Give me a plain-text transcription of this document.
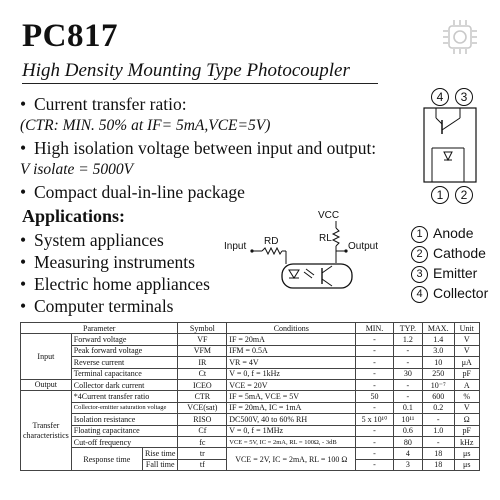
PC817
High Density Mounting Type Photocoupler
• Current transfer ratio:
(CTR: MIN. 50% at IF= 5mA,VCE=5V)
• High isolation voltage between input and output:
V isolate = 5000V
• Compact dual-in-line package
Applications:
• System appliances
• Measuring instruments
• Electric home appliances
• Computer terminals
VCC
RL
Output
Input RD
4	3
1	2
1 Anode
2 Cathode
3 Emitter
4 Collector
Parameter			Symbol	Conditions	MIN.	TYP.	MAX.	Unit
Input	Forward voltage		VF	IF = 20mA	-	1.2	1.4	V
	Peak forward voltage		VFM	IFM = 0.5A	-	-	3.0	V
	Reverse current		IR	VR = 4V	-	-	10	μA
	Terminal capacitance		Ct	V = 0, f = 1kHz	-	30	250	pF
Output	Collector dark current		ICEO	VCE = 20V	-	-	10⁻⁷	A
Transfer characteristics	*4Current transfer ratio		CTR	IF = 5mA, VCE = 5V	50	-	600	%
	Collector-emitter saturation voltage		VCE(sat)	IF = 20mA, IC = 1mA	-	0.1	0.2	V
	Isolation resistance		RISO	DC500V, 40 to 60% RH	5 x 10¹⁰	10¹¹	-	Ω
	Floating capacitance		Cf	V = 0, f = 1MHz	-	0.6	1.0	pF
	Cut-off frequency		fc	VCE = 5V, IC = 2mA, RL = 100Ω, - 3dB	-	80	-	kHz
	Response time	Rise time	tr	VCE = 2V, IC = 2mA, RL = 100 Ω	-	4	18	μs
		Fall time	tf		-	3	18	μs
